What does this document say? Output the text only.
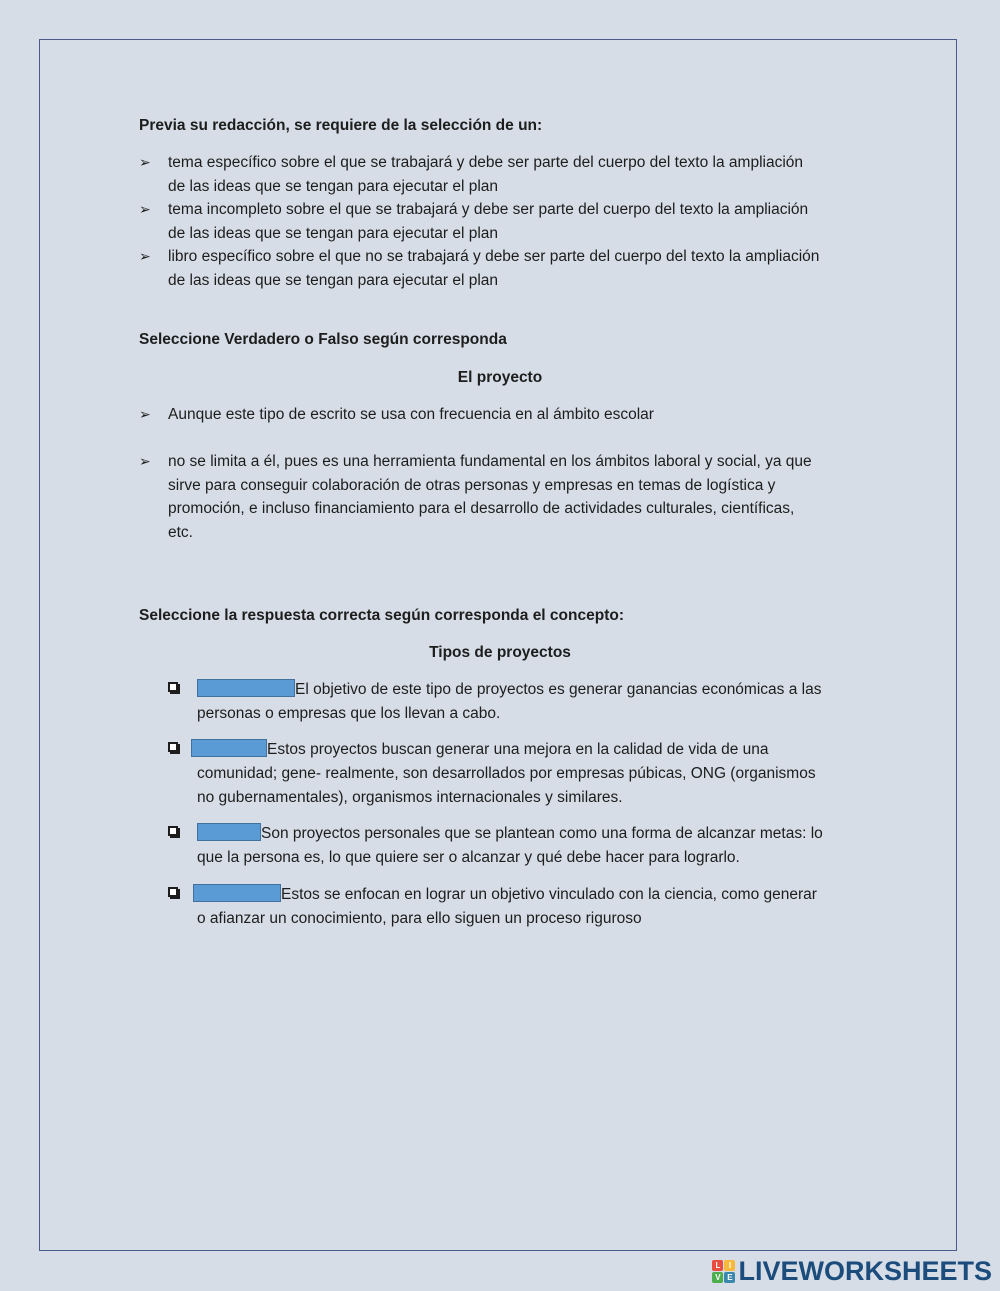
Previa su redacción, se requiere de la selección de un:
➢ tema específico sobre el que se trabajará y debe ser parte del cuerpo del texto la ampliación
de las ideas que se tengan para ejecutar el plan
➢ tema incompleto sobre el que se trabajará y debe ser parte del cuerpo del texto la ampliación
de las ideas que se tengan para ejecutar el plan
➢ libro específico sobre el que no se trabajará y debe ser parte del cuerpo del texto la ampliación
de las ideas que se tengan para ejecutar el plan
Seleccione Verdadero o Falso según corresponda
El proyecto
➢ Aunque este tipo de escrito se usa con frecuencia en al ámbito escolar
➢ no se limita a él, pues es una herramienta fundamental en los ámbitos laboral y social, ya que
sirve para conseguir colaboración de otras personas y empresas en temas de logística y
promoción, e incluso financiamiento para el desarrollo de actividades culturales, científicas,
etc.
Seleccione la respuesta correcta según corresponda el concepto:
Tipos de proyectos
El objetivo de este tipo de proyectos es generar ganancias económicas a las
personas o empresas que los llevan a cabo.
Estos proyectos buscan generar una mejora en la calidad de vida de una
comunidad; gene- realmente, son desarrollados por empresas púbicas, ONG (organismos
no gubernamentales), organismos internacionales y similares.
Son proyectos personales que se plantean como una forma de alcanzar metas: lo
que la persona es, lo que quiere ser o alcanzar y qué debe hacer para lograrlo.
Estos se enfocan en lograr un objetivo vinculado con la ciencia, como generar
o afianzar un conocimiento, para ello siguen un proceso riguroso
L	I
V E LIVEWORKSHEETS
